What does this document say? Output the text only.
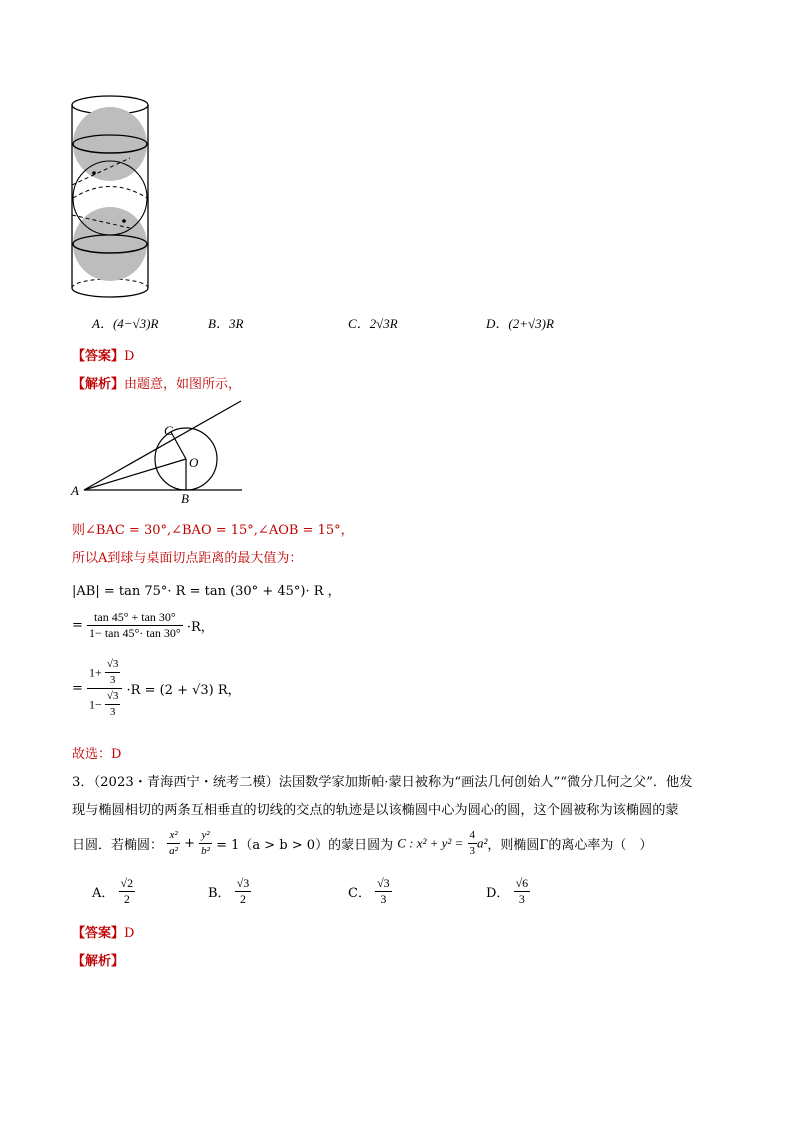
A．(4−√3)R	B．3R	C．2√3R	D．(2+√3)R
【答案】D
【解析】由题意，如图所示，
A
C
O
B
则∠BAC = 30°,∠BAO = 15°,∠AOB = 15°，
所以A到球与桌面切点距离的最大值为：
|AB| = tan 75°· R = tan (30° + 45°)· R ，
= $\frac{\tan 45^\circ + \tan 30^\circ}{1- \tan 45^\circ\cdot \tan 30^\circ} \cdot R$，
= $\frac{1+ \frac{√3}{3}}{1- \frac{√3}{3}} \cdot R = (2 + √3)$ R，
故选：D
3．（2023・青海西宁・统考二模）法国数学家加斯帕·蒙日被称为“画法几何创始人”“微分几何之父”．他发
现与椭圆相切的两条互相垂直的切线的交点的轨迹是以该椭圆中心为圆心的圆，这个圆被称为该椭圆的蒙
日圆．若椭圆： $\frac{\text{x²}}{\text{a²}} + \frac{\text{y²}}{\text{b²}} = 1(a > b > 0)$的蒙日圆为 C : $x^2 + y^2 = \frac{4}{3} a^2$，则椭圆Γ的离心率为（　）
A． $\frac{√2}{2}$	B． $\frac{√3}{2}$	C． $\frac{√3}{3}$	D． $\frac{√6}{3}$
【答案】D
【解析】
